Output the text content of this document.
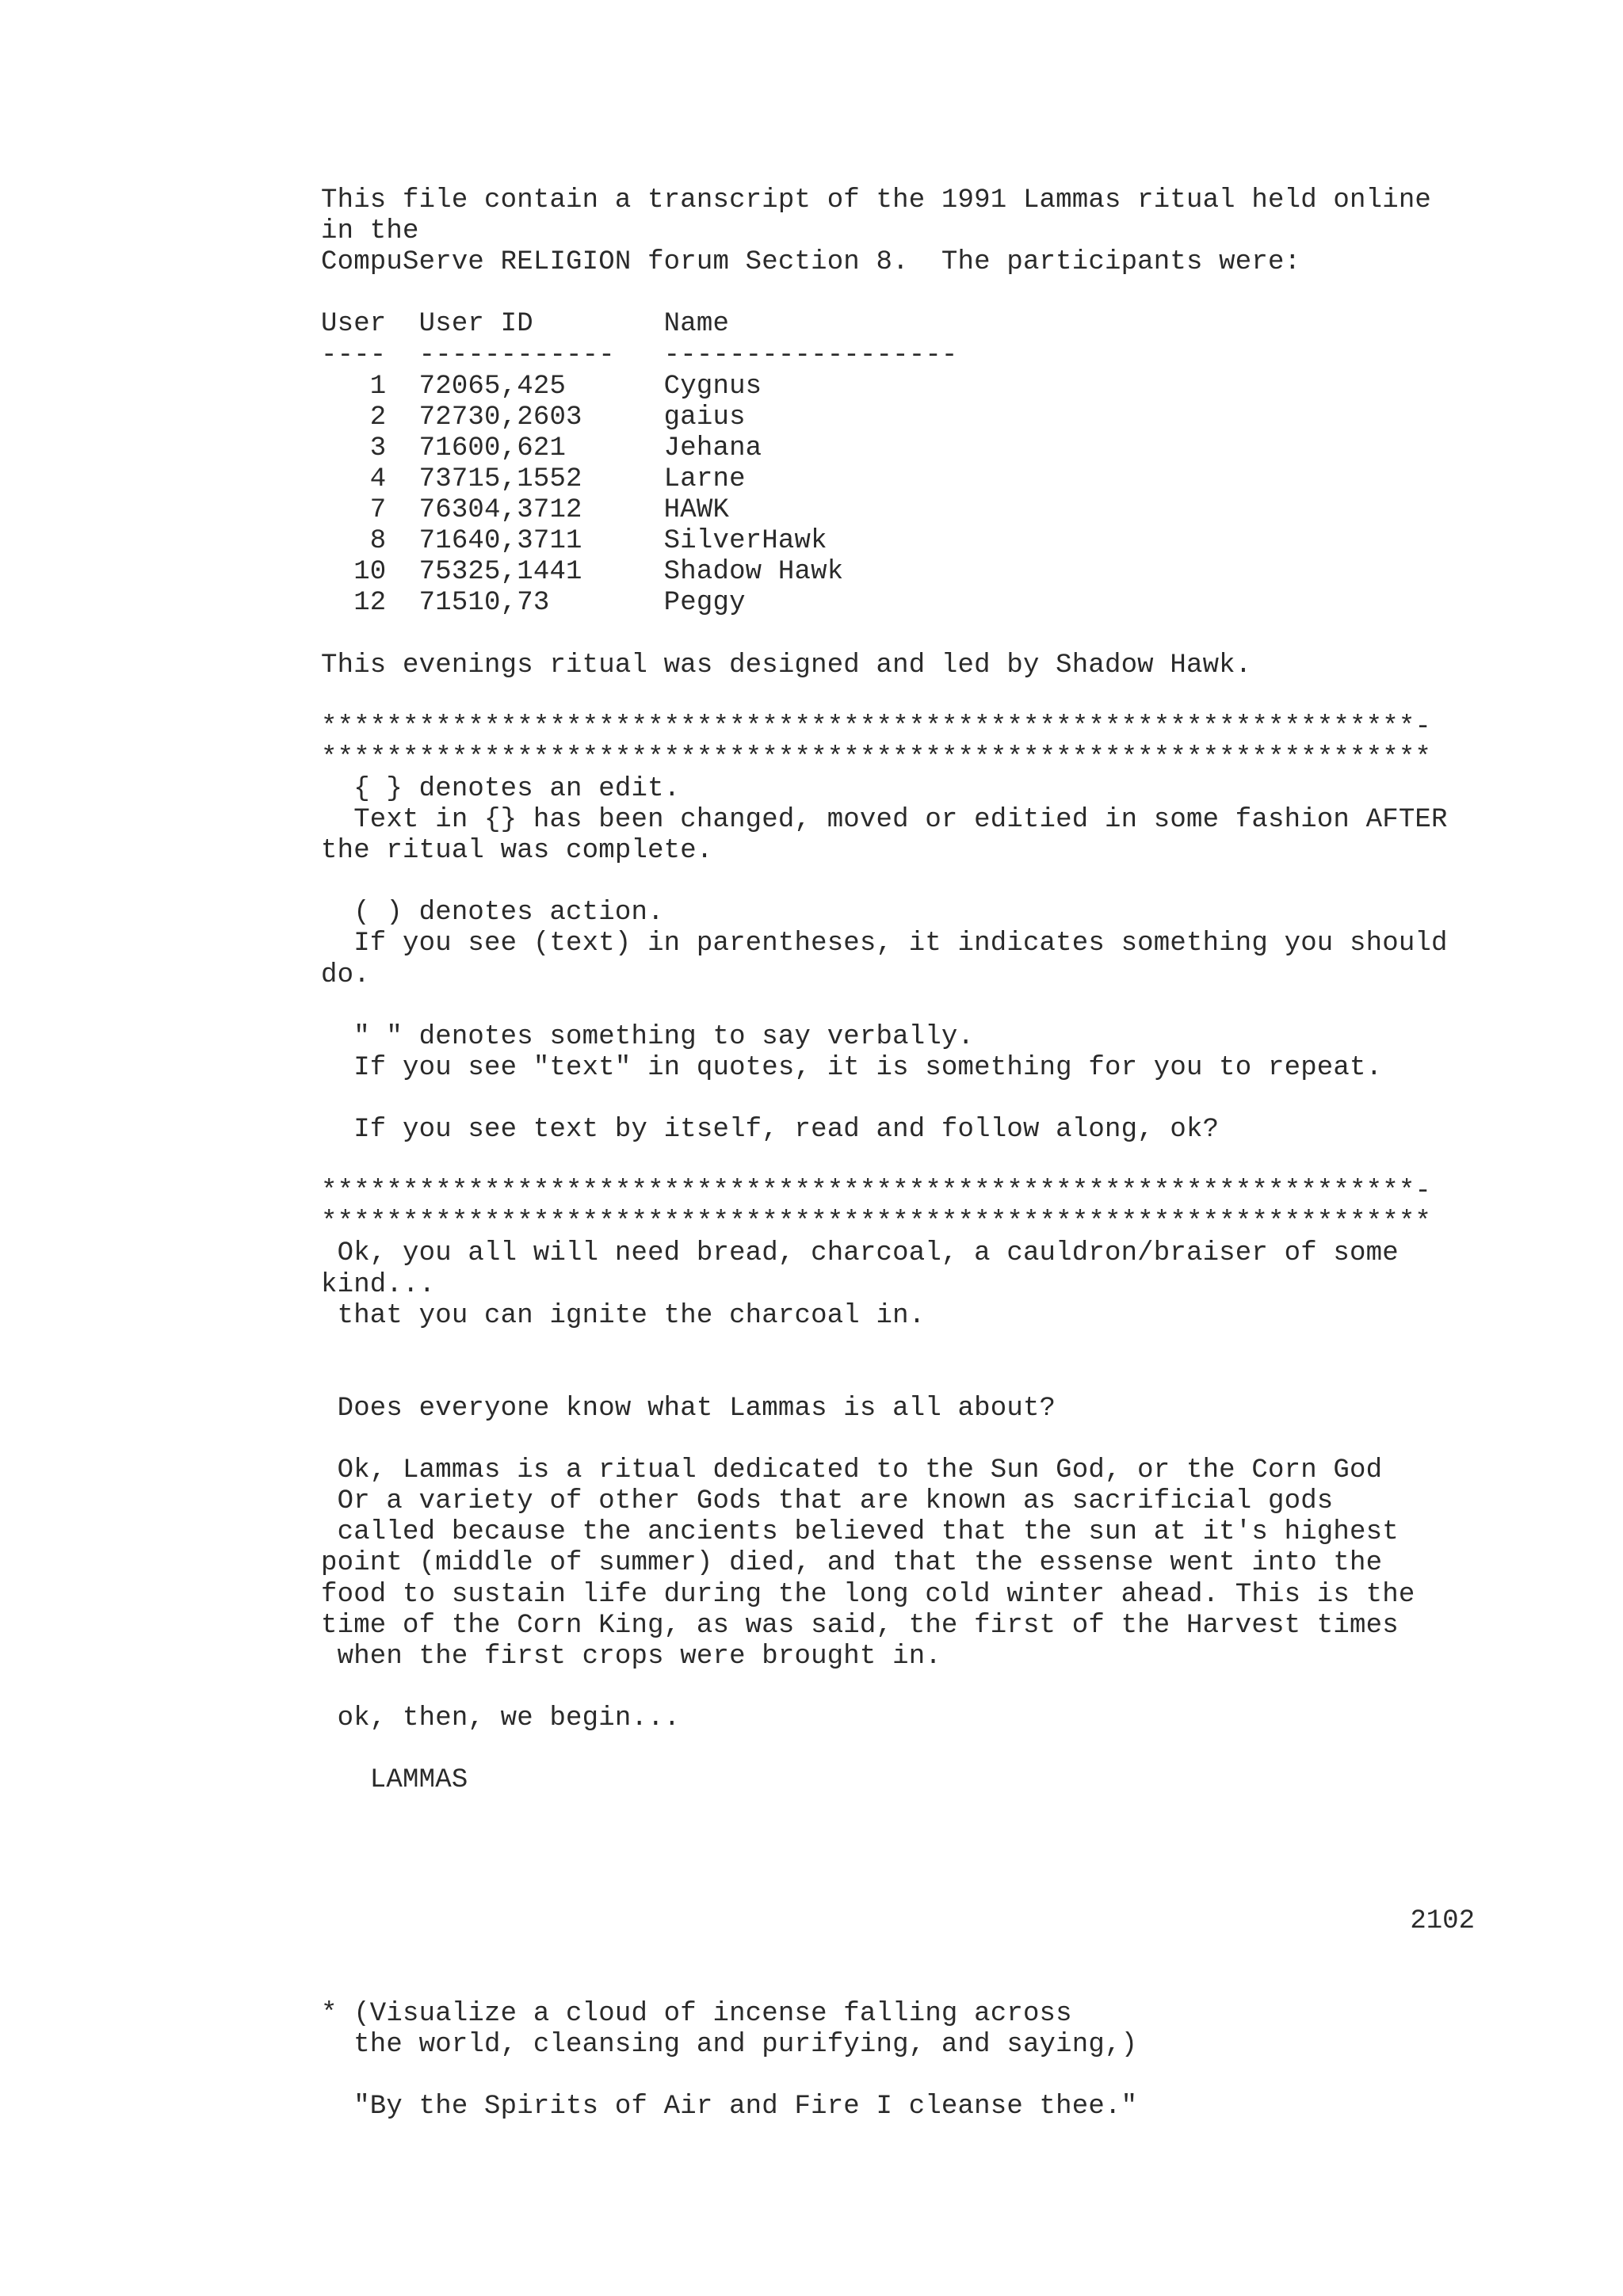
This file contain a transcript of the 1991 Lammas ritual held online
in the
CompuServe RELIGION forum Section 8.  The participants were:
User  User ID        Name
----  ------------   ------------------
1  72065,425      Cygnus
2  72730,2603     gaius
3  71600,621      Jehana
4  73715,1552     Larne
7  76304,3712     HAWK
8  71640,3711     SilverHawk
10  75325,1441     Shadow Hawk
12  71510,73       Peggy
This evenings ritual was designed and led by Shadow Hawk.
*******************************************************************-
********************************************************************
{ } denotes an edit.
Text in {} has been changed, moved or editied in some fashion AFTER
the ritual was complete.
( ) denotes action.
If you see (text) in parentheses, it indicates something you should
do.
" " denotes something to say verbally.
If you see "text" in quotes, it is something for you to repeat.
If you see text by itself, read and follow along, ok?
*******************************************************************-
********************************************************************
Ok, you all will need bread, charcoal, a cauldron/braiser of some
kind...
that you can ignite the charcoal in.
Does everyone know what Lammas is all about?
Ok, Lammas is a ritual dedicated to the Sun God, or the Corn God
Or a variety of other Gods that are known as sacrificial gods
called because the ancients believed that the sun at it's highest
point (middle of summer) died, and that the essense went into the
food to sustain life during the long cold winter ahead. This is the
time of the Corn King, as was said, the first of the Harvest times
when the first crops were brought in.
ok, then, we begin...
LAMMAS
2102
* (Visualize a cloud of incense falling across
the world, cleansing and purifying, and saying,)
"By the Spirits of Air and Fire I cleanse thee."
